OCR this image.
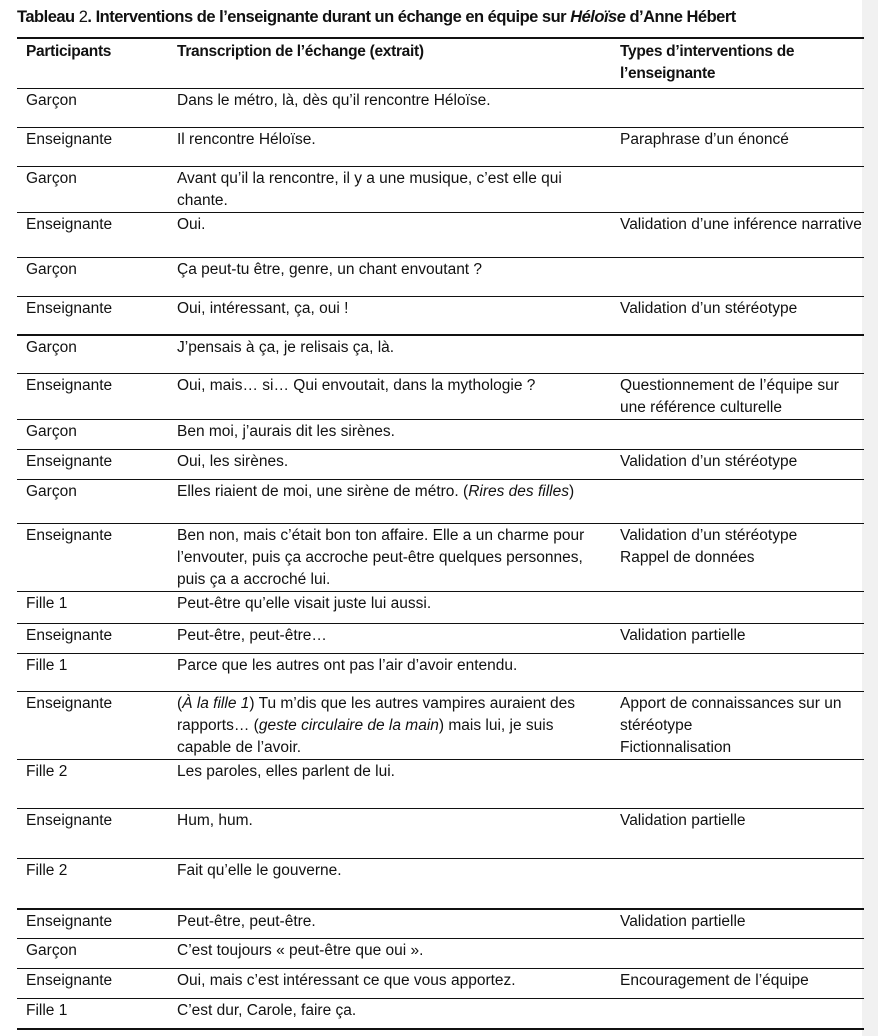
Tableau 2. Interventions de l’enseignante durant un échange en équipe sur Héloïse d’Anne Hébert
Participants	Transcription de l’échange (extrait)	Types d’interventions de l’enseignante
Garçon	Dans le métro, là, dès qu’il rencontre Héloïse.	
Enseignante	Il rencontre Héloïse.	Paraphrase d’un énoncé
Garçon	Avant qu’il la rencontre, il y a une musique, c’est elle qui chante.	
Enseignante	Oui.	Validation d’une inférence narrative
Garçon	Ça peut-tu être, genre, un chant envoutant ?	
Enseignante	Oui, intéressant, ça, oui !	Validation d’un stéréotype
Garçon	J’pensais à ça, je relisais ça, là.	
Enseignante	Oui, mais… si… Qui envoutait, dans la mythologie ?	Questionnement de l’équipe sur une référence culturelle
Garçon	Ben moi, j’aurais dit les sirènes.	
Enseignante	Oui, les sirènes.	Validation d’un stéréotype
Garçon	Elles riaient de moi, une sirène de métro. (Rires des filles)	
Enseignante	Ben non, mais c’était bon ton affaire. Elle a un charme pour l’envouter, puis ça accroche peut-être quelques personnes, puis ça a accroché lui.	Validation d’un stéréotype
Rappel de données

Fille 1	Peut-être qu’elle visait juste lui aussi.	
Enseignante	Peut-être, peut-être…	Validation partielle
Fille 1	Parce que les autres ont pas l’air d’avoir entendu.	
Enseignante	(À la fille 1) Tu m’dis que les autres vampires auraient des rapports… (geste circulaire de la main) mais lui, je suis capable de l’avoir.	Apport de connaissances sur un stéréotype
Fictionnalisation

Fille 2	Les paroles, elles parlent de lui.	
Enseignante	Hum, hum.	Validation partielle
Fille 2	Fait qu’elle le gouverne.	
Enseignante	Peut-être, peut-être.	Validation partielle
Garçon	C’est toujours « peut-être que oui ».	
Enseignante	Oui, mais c’est intéressant ce que vous apportez.	Encouragement de l’équipe
Fille 1	C’est dur, Carole, faire ça.	
